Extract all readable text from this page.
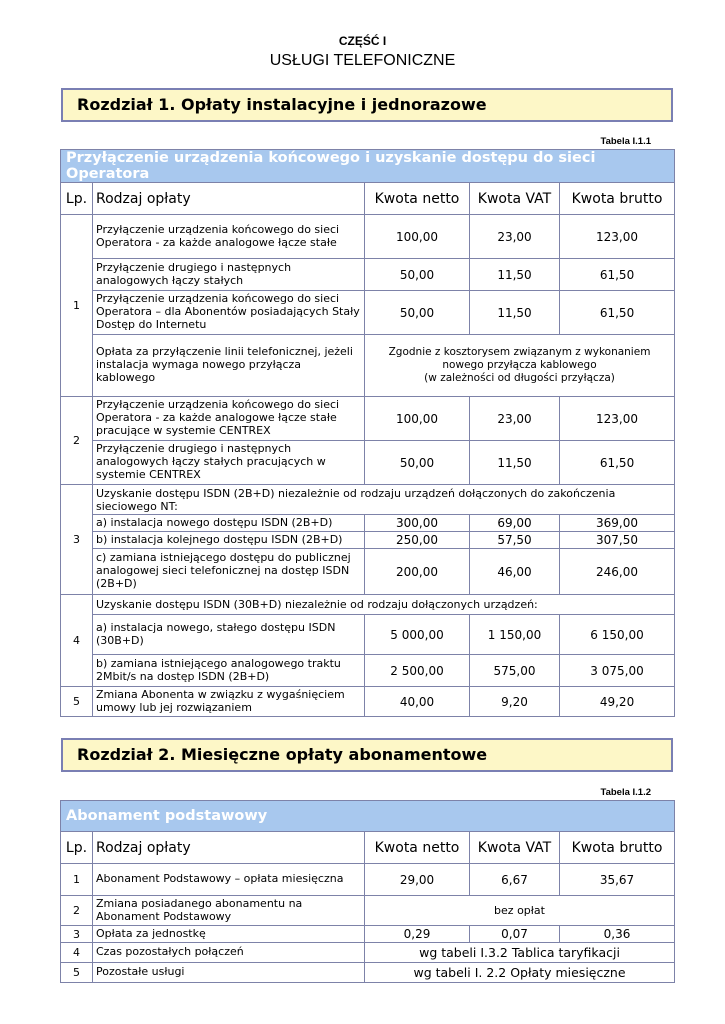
CZĘŚĆ I
USŁUGI TELEFONICZNE
Rozdział 1. Opłaty instalacyjne i jednorazowe
Tabela I.1.1
Przyłączenie urządzenia końcowego i uzyskanie dostępu do sieci Operatora				
Lp.	Rodzaj opłaty	Kwota netto	Kwota VAT	Kwota brutto
1	Przyłączenie urządzenia końcowego do sieci Operatora - za każde analogowe łącze stałe	100,00	23,00	123,00
	Przyłączenie drugiego i następnych analogowych łączy stałych	50,00	11,50	61,50
	Przyłączenie urządzenia końcowego do sieci Operatora – dla Abonentów posiadających Stały Dostęp do Internetu	50,00	11,50	61,50
	Opłata za przyłączenie linii telefonicznej, jeżeli instalacja wymaga nowego przyłącza kablowego	Zgodnie z kosztorysem związanym z wykonaniem
nowego przyłącza kablowego
(w zależności od długości przyłącza)		

2	Przyłączenie urządzenia końcowego do sieci Operatora - za każde analogowe łącze stałe pracujące w systemie CENTREX	100,00	23,00	123,00
	Przyłączenie drugiego i następnych analogowych łączy stałych pracujących w systemie CENTREX	50,00	11,50	61,50
3	Uzyskanie dostępu ISDN (2B+D) niezależnie od rodzaju urządzeń dołączonych do zakończenia sieciowego NT:			
	a) instalacja nowego dostępu ISDN (2B+D)	300,00	69,00	369,00
	b) instalacja kolejnego dostępu ISDN (2B+D)	250,00	57,50	307,50
	c) zamiana istniejącego dostępu do publicznej analogowej sieci telefonicznej na dostęp ISDN (2B+D)	200,00	46,00	246,00
4	Uzyskanie dostępu ISDN (30B+D) niezależnie od rodzaju dołączonych urządzeń:			
	a) instalacja nowego, stałego dostępu ISDN (30B+D)	5 000,00	1 150,00	6 150,00
	b) zamiana istniejącego analogowego traktu 2Mbit/s na dostęp ISDN (2B+D)	2 500,00	575,00	3 075,00
5	Zmiana Abonenta w związku z wygaśnięciem umowy lub jej rozwiązaniem	40,00	9,20	49,20
Rozdział 2. Miesięczne opłaty abonamentowe
Tabela I.1.2
Abonament podstawowy				
Lp.	Rodzaj opłaty	Kwota netto	Kwota VAT	Kwota brutto
1	Abonament Podstawowy – opłata miesięczna	29,00	6,67	35,67
2	Zmiana posiadanego abonamentu na Abonament Podstawowy	bez opłat		
3	Opłata za jednostkę	0,29	0,07	0,36
4	Czas pozostałych połączeń	wg tabeli I.3.2 Tablica taryfikacji		
5	Pozostałe usługi	wg tabeli I. 2.2 Opłaty miesięczne		
